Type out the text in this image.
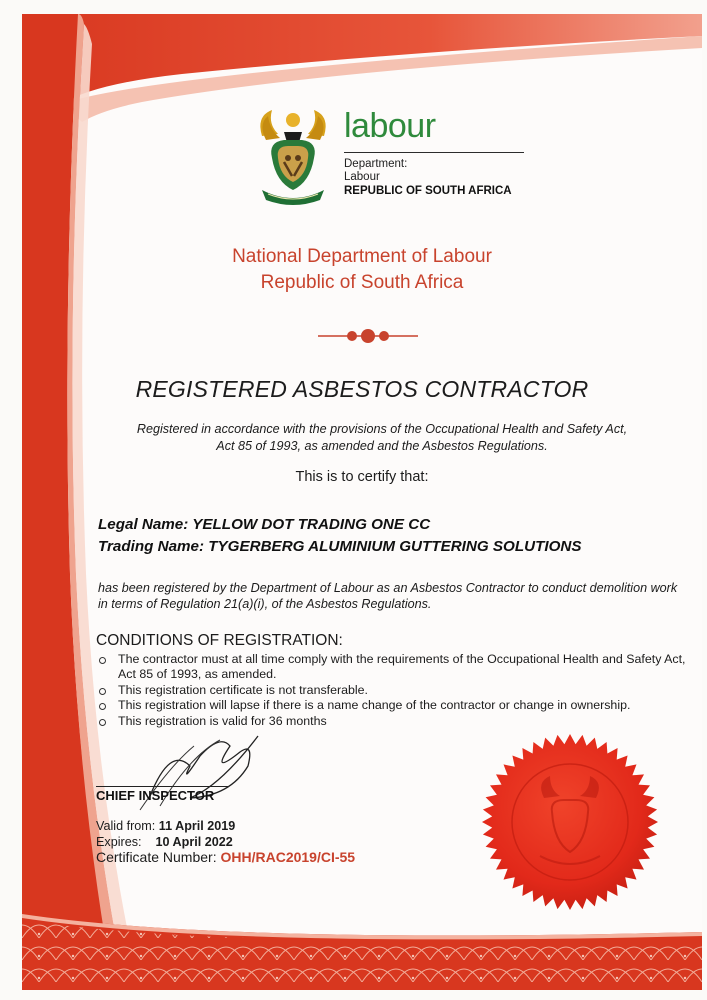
labour
Department:
Labour
REPUBLIC OF SOUTH AFRICA
National Department of Labour
Republic of South Africa
REGISTERED ASBESTOS CONTRACTOR
Registered in accordance with the provisions of the Occupational Health and Safety Act,
Act 85 of 1993, as amended and the Asbestos Regulations.
This is to certify that:
Legal Name: YELLOW DOT TRADING ONE CC
Trading Name: TYGERBERG ALUMINIUM GUTTERING SOLUTIONS
has been registered by the Department of Labour as an Asbestos Contractor to conduct demolition work in terms of Regulation 21(a)(i), of the Asbestos Regulations.
CONDITIONS OF REGISTRATION:
The contractor must at all time comply with the requirements of the Occupational Health and Safety Act, Act 85 of 1993, as amended.
This registration certificate is not transferable.
This registration will lapse if there is a name change of the contractor or change in ownership.
This registration is valid for 36 months
CHIEF INSPECTOR
Valid from: 11 April 2019
Expires: 10 April 2022
Certificate Number: OHH/RAC2019/CI-55
